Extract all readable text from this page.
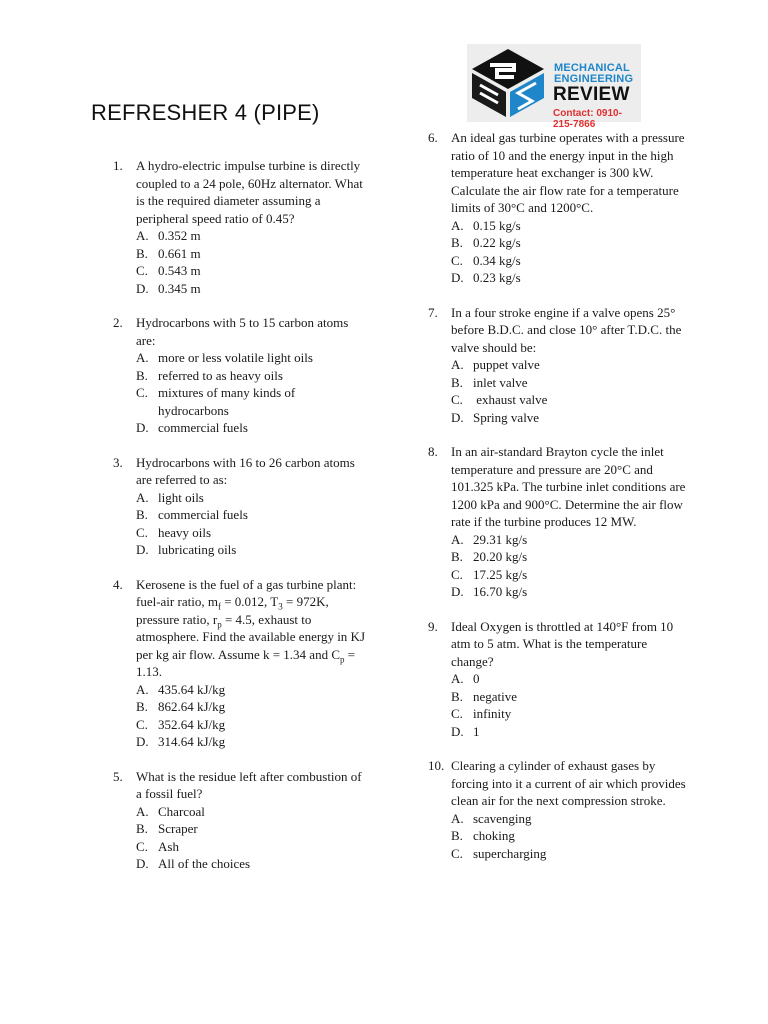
REFRESHER 4 (PIPE)
MECHANICAL
ENGINEERING
REVIEW
Contact: 0910-215-7866
1.	A hydro-electric impulse turbine is directly coupled to a 24 pole, 60Hz alternator. What is the required diameter assuming a peripheral speed ratio of 0.45?

A. 0.352 m
B. 0.661 m
C. 0.543 m
D. 0.345 m
2.	Hydrocarbons with 5 to 15 carbon atoms are:

A. more or less volatile light oils
B. referred to as heavy oils
C. mixtures of many kinds of hydrocarbons
D. commercial fuels
3.	Hydrocarbons with 16 to 26 carbon atoms are referred to as:

A. light oils
B. commercial fuels
C. heavy oils
D. lubricating oils
4.	Kerosene is the fuel of a gas turbine plant: fuel-air ratio, $m_f = 0.012$, $T_3 = 972K$, pressure ratio, $r_p = 4.5$, exhaust to atmosphere. Find the available energy in KJ per kg air flow. Assume k = 1.34 and $C_p = 1.13$.

A. 435.64 kJ/kg
B. 862.64 kJ/kg
C. 352.64 kJ/kg
D. 314.64 kJ/kg
5.	What is the residue left after combustion of a fossil fuel?

A. Charcoal
B. Scraper
C. Ash
D. All of the choices
6.	An ideal gas turbine operates with a pressure ratio of 10 and the energy input in the high temperature heat exchanger is 300 kW. Calculate the air flow rate for a temperature limits of 30°C and 1200°C.

A. 0.15 kg/s
B. 0.22 kg/s
C. 0.34 kg/s
D. 0.23 kg/s
7.	In a four stroke engine if a valve opens 25° before B.D.C. and close 10° after T.D.C. the valve should be:

A. puppet valve
B. inlet valve
C. exhaust valve
D. Spring valve
8.	In an air-standard Brayton cycle the inlet temperature and pressure are 20°C and 101.325 kPa. The turbine inlet conditions are 1200 kPa and 900°C. Determine the air flow rate if the turbine produces 12 MW.

A. 29.31 kg/s
B. 20.20 kg/s
C. 17.25 kg/s
D. 16.70 kg/s
9.	Ideal Oxygen is throttled at 140°F from 10 atm to 5 atm. What is the temperature change?

A. 0
B. negative
C. infinity
D. 1
10. Clearing a cylinder of exhaust gases by forcing into it a current of air which provides clean air for the next compression stroke.

A. scavenging
B. choking
C. supercharging
